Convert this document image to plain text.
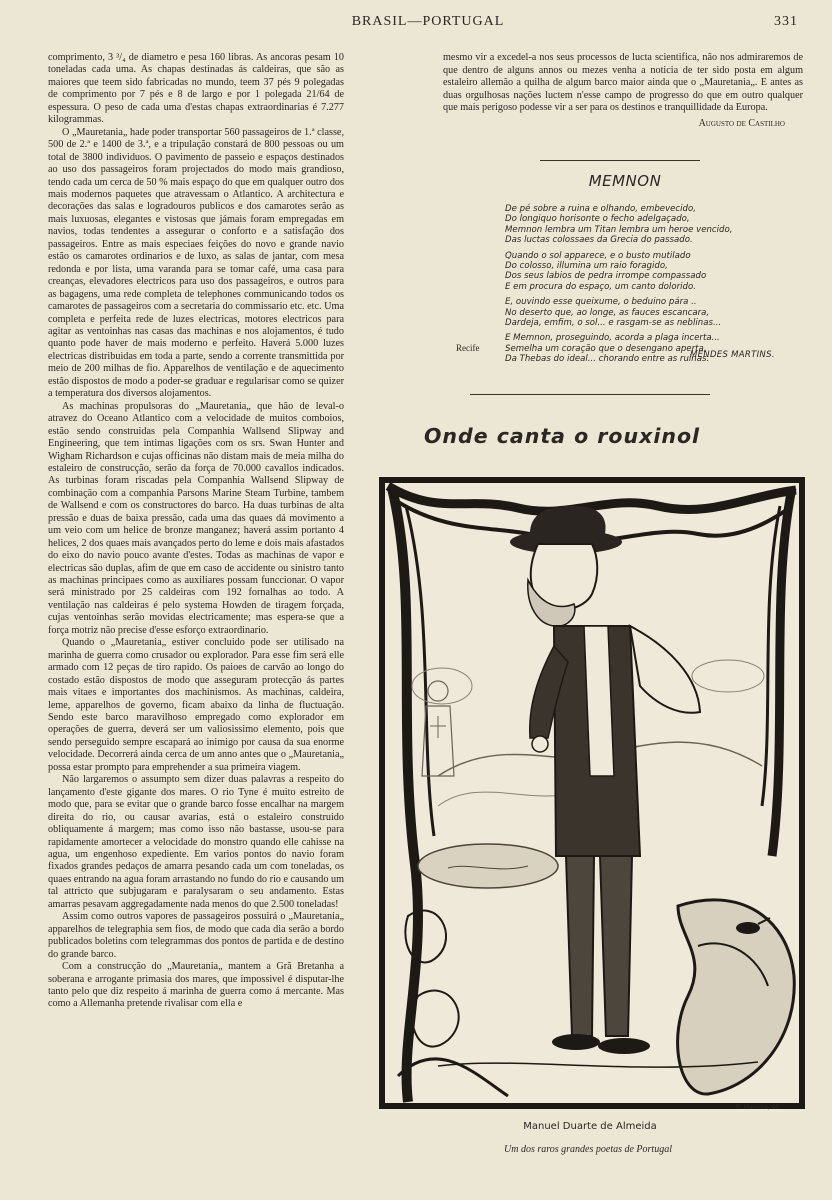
BRASIL—PORTUGAL	331

comprimento, 3 ³/₄ de diametro e pesa 160 libras. As ancoras pesam 10 toneladas cada uma. As chapas destinadas ás caldeiras, que são as maiores que teem sido fabricadas no mundo, teem 37 pés 9 polegadas de comprimento por 7 pés e 8 de largo e por 1 polegada 21/64 de espessura. O peso de cada uma d'estas chapas extraordinarias é 7.277 kilogrammas.

O „Mauretania„ hade poder transportar 560 passageiros de 1.ª classe, 500 de 2.ª e 1400 de 3.ª, e a tripulação constará de 800 pessoas ou um total de 3800 individuos. O pavimento de passeio e espaços destinados ao uso dos passageiros foram projectados do modo mais grandioso, tendo cada um cerca de 50 % mais espaço do que em qualquer outro dos mais modernos paquetes que atravessam o Atlantico. A architectura e decorações das salas e logradouros publicos e dos camarotes serão as mais luxuosas, elegantes e vistosas que jámais foram empregadas em navios, todas tendentes a assegurar o conforto e a satisfação dos passageiros. Entre as mais especiaes feições do novo e grande navio estão os camarotes ordinarios e de luxo, as salas de jantar, com mesa redonda e por lista, uma varanda para se tomar café, uma casa para creanças, elevadores electricos para uso dos passageiros, e outros para as bagagens, uma rede completa de telephones communicando todos os camarotes de passageiros com a secretaria do commissario etc. etc. Uma completa e perfeita rede de luzes electricas, motores electricos para agitar as ventoinhas nas casas das machinas e nos alojamentos, é tudo quanto pode haver de mais moderno e perfeito. Haverá 5.000 luzes electricas distribuidas em toda a parte, sendo a corrente transmittida por meio de 200 milhas de fio. Apparelhos de ventilação e de aquecimento estão dispostos de modo a poder-se graduar e regularisar como se quizer a temperatura dos diversos alojamentos.

As machinas propulsoras do „Mauretania„ que hão de leval-o atravez do Oceano Atlantico com a velocidade de muitos comboios, estão sendo construidas pela Companhia Wallsend Slipway and Engineering, que tem intimas ligações com os srs. Swan Hunter and Wigham Richardson e cujas officinas não distam mais de meia milha do estaleiro de construcção, serão da força de 70.000 cavallos indicados. As turbinas foram riscadas pela Companhia Wallsend Slipway de combinação com a companhia Parsons Marine Steam Turbine, tambem de Wallsend e com os constructores do barco. Ha duas turbinas de alta pressão e duas de baixa pressão, cada uma das quaes dá movimento a um veio com um helice de bronze manganez; haverá assim portanto 4 helices, 2 dos quaes mais avançados perto do leme e dois mais afastados do eixo do navio pouco avante d'estes. Todas as machinas de vapor e electricas são duplas, afim de que em caso de accidente ou sinistro tanto as machinas principaes como as auxiliares possam funccionar. O vapor será ministrado por 25 caldeiras com 192 fornalhas ao todo. A ventilação nas caldeiras é pelo systema Howden de tiragem forçada, cujas ventoinhas serão movidas electricamente; mas espera-se que a força motriz não precise d'esse esforço extraordinario.

Quando o „Mauretania„ estiver concluido pode ser utilisado na marinha de guerra como crusador ou explorador. Para esse fim será elle armado com 12 peças de tiro rapido. Os paioes de carvão ao longo do costado estão dispostos de modo que asseguram protecção ás partes mais vitaes e importantes dos machinismos. As machinas, caldeira, leme, apparelhos de governo, ficam abaixo da linha de fluctuação. Sendo este barco maravilhoso empregado como explorador em operações de guerra, deverá ser um valiosissimo elemento, pois que sendo perseguido sempre escapará ao inimigo por causa da sua enorme velocidade. Decorrerá ainda cerca de um anno antes que o „Mauretania„ possa estar prompto para emprehender a sua primeira viagem.

Não largaremos o assumpto sem dizer duas palavras a respeito do lançamento d'este gigante dos mares. O rio Tyne é muito estreito de modo que, para se evitar que o grande barco fosse encalhar na margem direita do rio, ou causar avarias, está o estaleiro construido obliquamente á margem; mas como isso não bastasse, usou-se para rapidamente amortecer a velocidade do monstro quando elle cahisse na agua, um engenhoso expediente. Em varios pontos do navio foram fixados grandes pedaços de amarra pesando cada um com toneladas, os quaes entrando na agua foram arrastando no fundo do rio e causando um tal attricto que subjugaram e paralysaram o seu andamento. Estas amarras pesavam aggregadamente nada menos do que 2.500 toneladas!

Assim como outros vapores de passageiros possuirá o „Mauretania„ apparelhos de telegraphia sem fios, de modo que cada dia serão a bordo publicados boletins com telegrammas dos pontos de partida e de destino do grande barco.

Com a construcção do „Mauretania„ mantem a Grã Bretanha a soberana e arrogante primasia dos mares, que impossivel é disputar-lhe tanto pelo que diz respeito á marinha de guerra como á mercante. Mas como a Allemanha pretende rivalisar com ella e

mesmo vir a excedel-a nos seus processos de lucta scientifica, não nos admiraremos de que dentro de alguns annos ou mezes venha a noticia de ter sido posta em algum estaleiro allemão a quilha de algum barco maior ainda que o „Mauretania„. E antes as duas orgulhosas nações luctem n'esse campo de progresso do que em outro qualquer que mais perigoso podesse vir a ser para os destinos e tranquillidade da Europa.

Augusto de Castilho
MEMNON
De pé sobre a ruina e olhando, embevecido,
Do longiquo horisonte o fecho adelgaçado,
Memnon lembra um Titan lembra um heroe vencido,
Das luctas colossaes da Grecia do passado.
Quando o sol apparece, e o busto mutilado
Do colosso, illumina um raio foragido,
Dos seus labios de pedra irrompe compassado
E em procura do espaço, um canto dolorido.
E, ouvindo esse queixume, o beduino pára ..
No deserto que, ao longe, as fauces escancara,
Dardeja, emfim, o sol... e rasgam-se as neblinas...
E Memnon, proseguindo, acorda a plaga incerta...
Semelha um coração que o desengano aperta,
Da Thebas do ideal... chorando entre as ruinas.
Recife
MENDES MARTINS.
Onde canta o rouxinol
R. Marinho, 90
Manuel Duarte de Almeida
Um dos raros grandes poetas de Portugal
